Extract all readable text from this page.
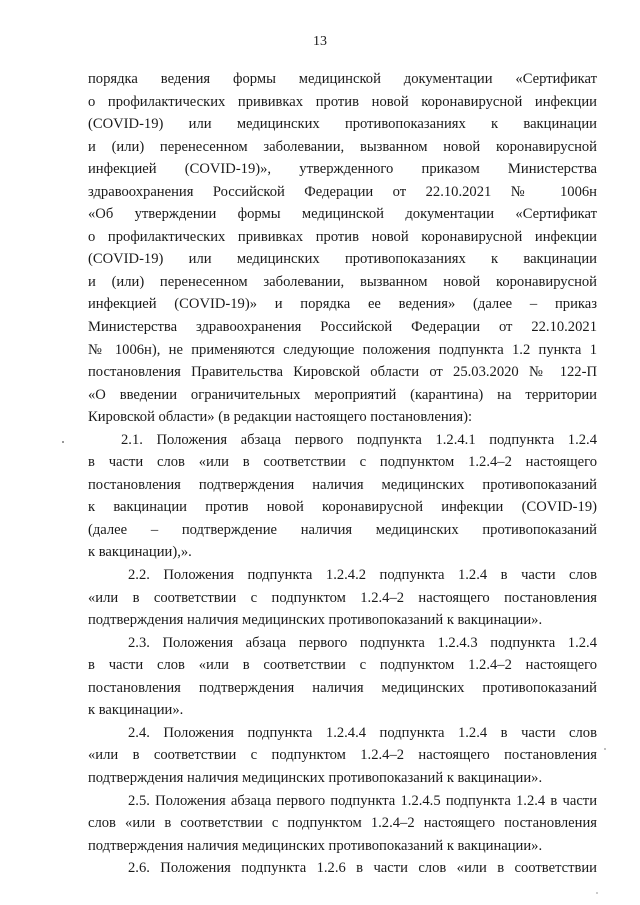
13
порядка ведения формы медицинской документации «Сертификат
о профилактических прививках против новой коронавирусной инфекции
(COVID-19) или медицинских противопоказаниях к вакцинации
и (или) перенесенном заболевании, вызванном новой коронавирусной
инфекцией (COVID-19)», утвержденного приказом Министерства
здравоохранения Российской Федерации от 22.10.2021 № 1006н
«Об утверждении формы медицинской документации «Сертификат
о профилактических прививках против новой коронавирусной инфекции
(COVID-19) или медицинских противопоказаниях к вакцинации
и (или) перенесенном заболевании, вызванном новой коронавирусной
инфекцией (COVID-19)» и порядка ее ведения» (далее – приказ
Министерства здравоохранения Российской Федерации от 22.10.2021
№ 1006н), не применяются следующие положения подпункта 1.2 пункта 1
постановления Правительства Кировской области от 25.03.2020 № 122-П
«О введении ограничительных мероприятий (карантина) на территории
Кировской области» (в редакции настоящего постановления):
2.1. Положения абзаца первого подпункта 1.2.4.1 подпункта 1.2.4
в части слов «или в соответствии с подпунктом 1.2.4–2 настоящего
постановления подтверждения наличия медицинских противопоказаний
к вакцинации против новой коронавирусной инфекции (COVID-19)
(далее – подтверждение наличия медицинских противопоказаний
к вакцинации),».
2.2. Положения подпункта 1.2.4.2 подпункта 1.2.4 в части слов
«или в соответствии с подпунктом 1.2.4–2 настоящего постановления
подтверждения наличия медицинских противопоказаний к вакцинации».
2.3. Положения абзаца первого подпункта 1.2.4.3 подпункта 1.2.4
в части слов «или в соответствии с подпунктом 1.2.4–2 настоящего
постановления подтверждения наличия медицинских противопоказаний
к вакцинации».
2.4. Положения подпункта 1.2.4.4 подпункта 1.2.4 в части слов
«или в соответствии с подпунктом 1.2.4–2 настоящего постановления
подтверждения наличия медицинских противопоказаний к вакцинации».
2.5. Положения абзаца первого подпункта 1.2.4.5 подпункта 1.2.4 в части
слов «или в соответствии с подпунктом 1.2.4–2 настоящего постановления
подтверждения наличия медицинских противопоказаний к вакцинации».
2.6. Положения подпункта 1.2.6 в части слов «или в соответствии
